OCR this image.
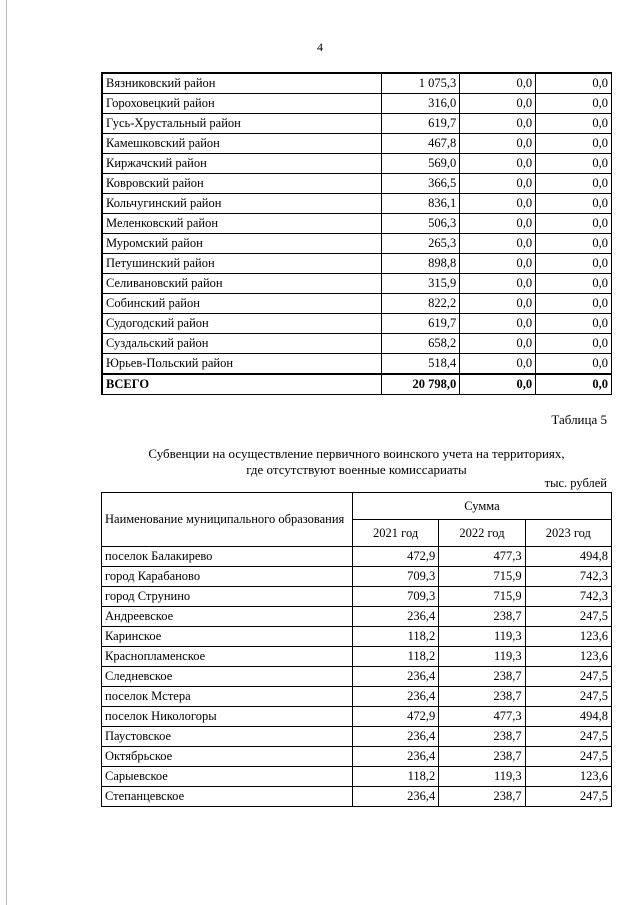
4
Вязниковский район	1 075,3	0,0	0,0
Гороховецкий район	316,0	0,0	0,0
Гусь-Хрустальный район	619,7	0,0	0,0
Камешковский район	467,8	0,0	0,0
Киржачский район	569,0	0,0	0,0
Ковровский район	366,5	0,0	0,0
Кольчугинский район	836,1	0,0	0,0
Меленковский район	506,3	0,0	0,0
Муромский район	265,3	0,0	0,0
Петушинский район	898,8	0,0	0,0
Селивановский район	315,9	0,0	0,0
Собинский район	822,2	0,0	0,0
Судогодский район	619,7	0,0	0,0
Суздальский район	658,2	0,0	0,0
Юрьев-Польский район	518,4	0,0	0,0
ВСЕГО	20 798,0	0,0	0,0
Таблица 5
Субвенции на осуществление первичного воинского учета на территориях,
где отсутствуют военные комиссариаты
тыс. рублей
Наименование муниципального образования	Сумма		
	2021 год	2022 год	2023 год
поселок Балакирево	472,9	477,3	494,8
город Карабаново	709,3	715,9	742,3
город Струнино	709,3	715,9	742,3
Андреевское	236,4	238,7	247,5
Каринское	118,2	119,3	123,6
Краснопламенское	118,2	119,3	123,6
Следневское	236,4	238,7	247,5
поселок Мстера	236,4	238,7	247,5
поселок Никологоры	472,9	477,3	494,8
Паустовское	236,4	238,7	247,5
Октябрьское	236,4	238,7	247,5
Сарыевское	118,2	119,3	123,6
Степанцевское	236,4	238,7	247,5
